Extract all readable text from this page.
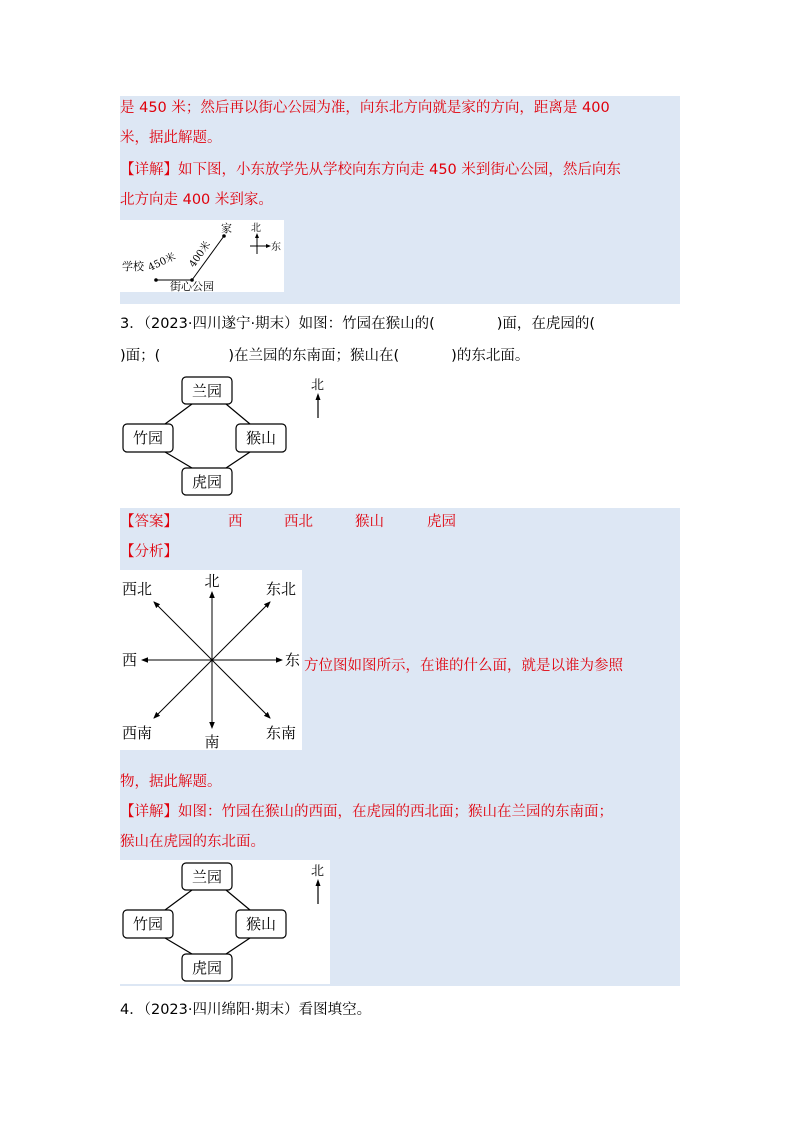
是 450 米；然后再以街心公园为准，向东北方向就是家的方向，距离是 400
米，据此解题。
【详解】如下图，小东放学先从学校向东方向走 450 米到街心公园，然后向东
北方向走 400 米到家。
学校
街心公园
家
450米 400米
北
东
3．（2023·四川遂宁·期末）如图：竹园在猴山的(	)面，在虎园的(
)面；(	)在兰园的东南面；猴山在(	)的东北面。
兰园
竹园	猴山
虎园
北
【答案】	西	西北	猴山	虎园
【分析】
北
南
东
西
东北
西北
东南
西南
方位图如图所示，在谁的什么面，就是以谁为参照
物，据此解题。
【详解】如图：竹园在猴山的西面，在虎园的西北面；猴山在兰园的东南面；
猴山在虎园的东北面。
兰园
竹园	猴山
虎园
北
4．（2023·四川绵阳·期末）看图填空。
